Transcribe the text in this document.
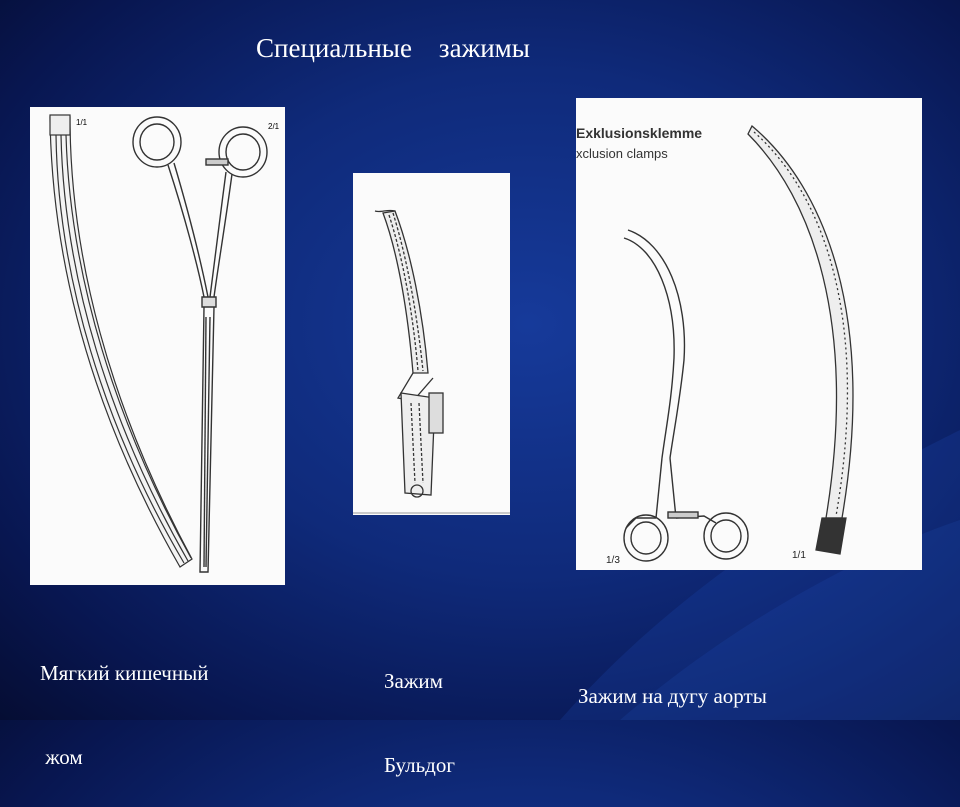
Специальные    зажимы
1/1	2/1	Exklusionsklemme
xclusion clamps
1/3	1/1

Мягкий кишечный

жом

Зажим

Бульдог

Зажим на дугу аорты
